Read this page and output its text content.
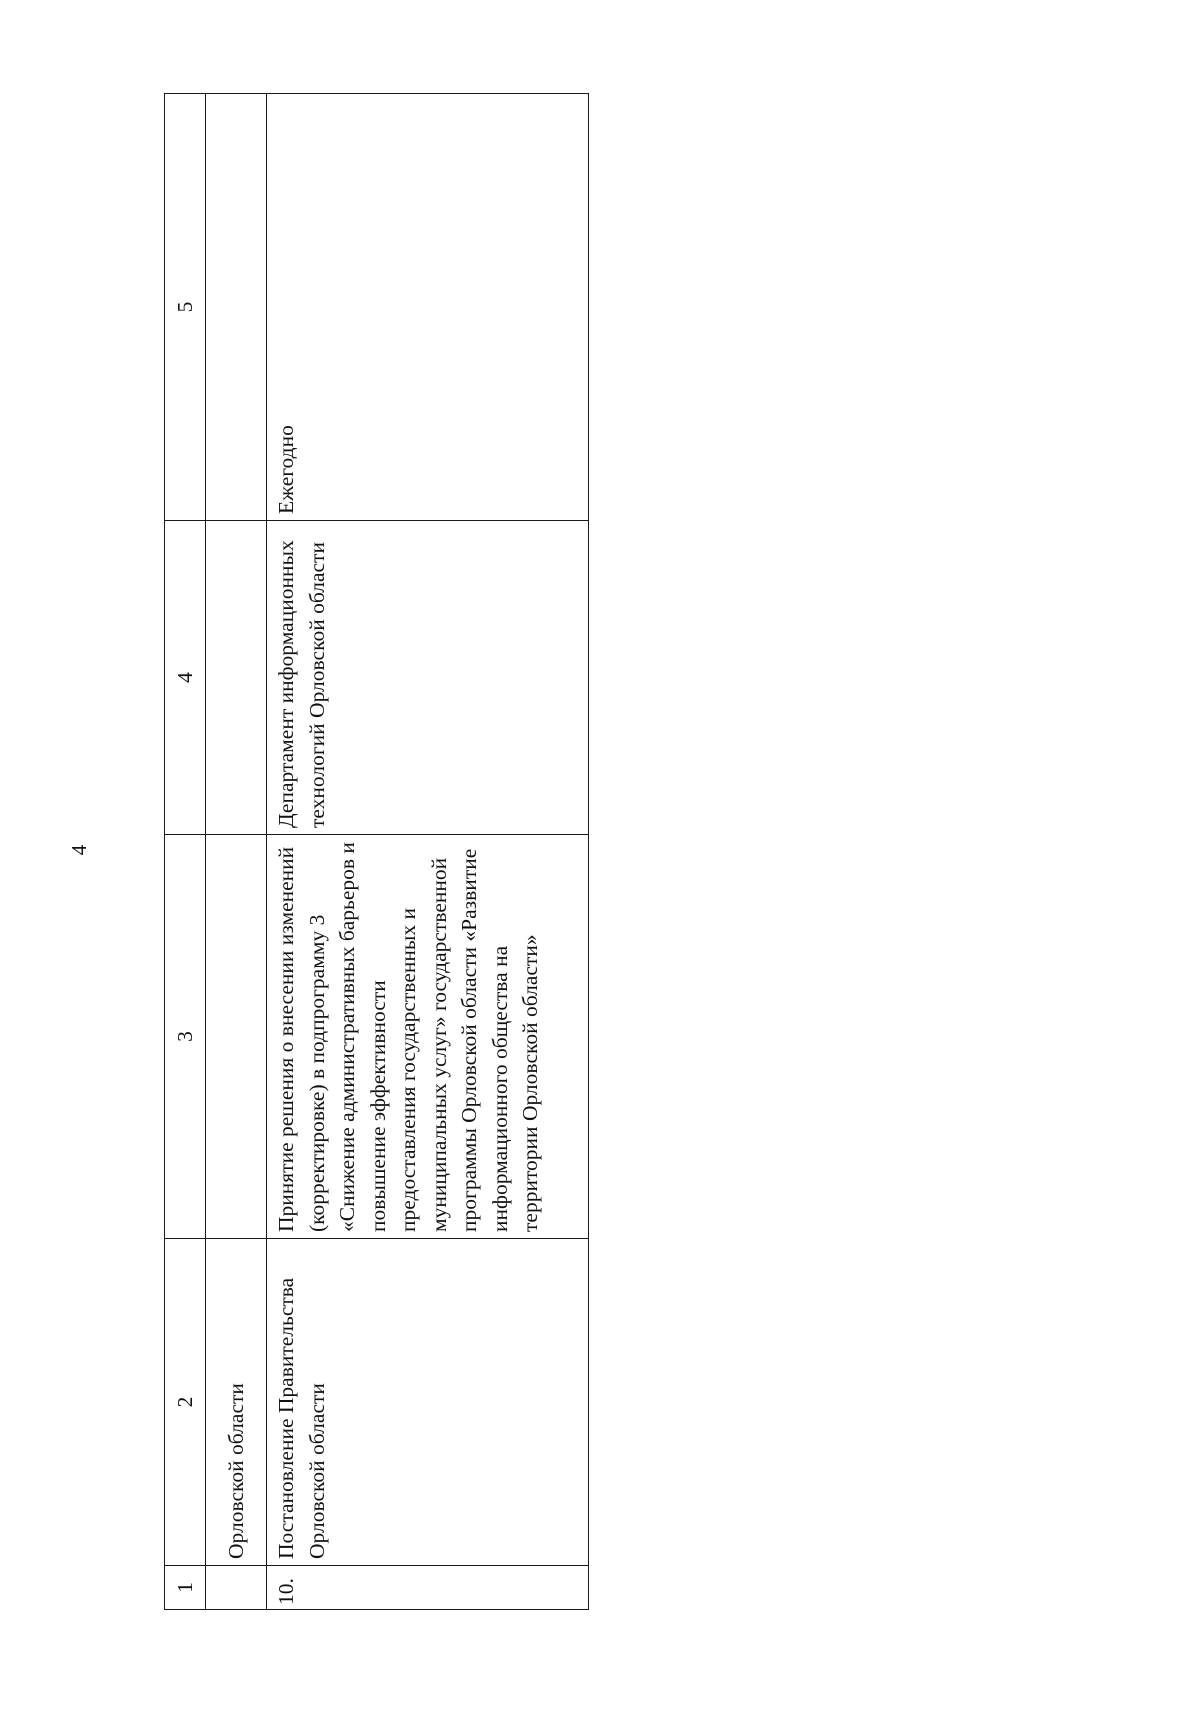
4
1	2	3	4	5
	Орловской области			
10.	Постановление Правительства Орловской области	Принятие решения о внесении изменений (корректировке) в подпрограмму 3 «Снижение административных барьеров и повышение эффективности предоставления государственных и муниципальных услуг» государственной программы Орловской области «Развитие информационного общества на территории Орловской области»	Департамент информационных технологий Орловской области	Ежегодно
